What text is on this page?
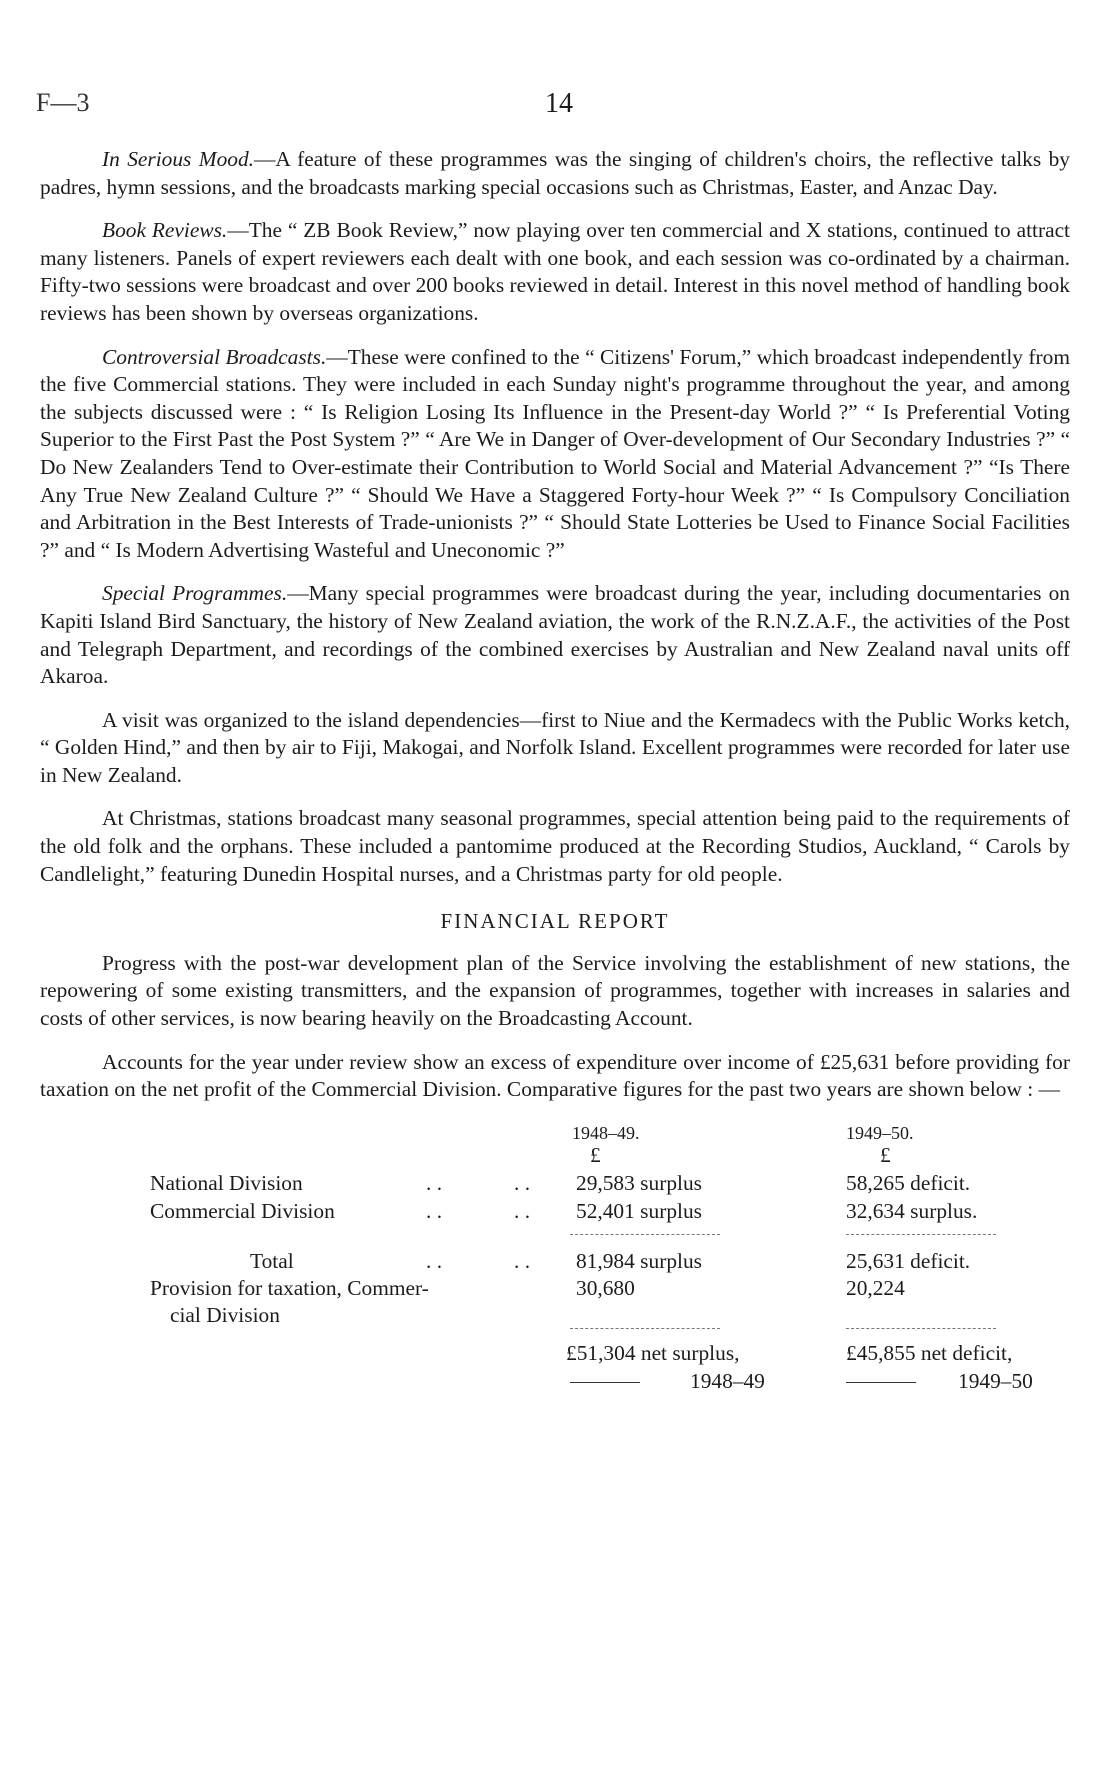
F—3	14

In Serious Mood.—A feature of these programmes was the singing of children's choirs, the reflective talks by padres, hymn sessions, and the broadcasts marking special occasions such as Christmas, Easter, and Anzac Day.

Book Reviews.—The “ ZB Book Review,” now playing over ten commercial and X stations, continued to attract many listeners. Panels of expert reviewers each dealt with one book, and each session was co-ordinated by a chairman. Fifty-two sessions were broadcast and over 200 books reviewed in detail. Interest in this novel method of handling book reviews has been shown by overseas organizations.

Controversial Broadcasts.—These were confined to the “ Citizens' Forum,” which broadcast independently from the five Commercial stations. They were included in each Sunday night's programme throughout the year, and among the subjects discussed were : “ Is Religion Losing Its Influence in the Present-day World ?” “ Is Preferential Voting Superior to the First Past the Post System ?” “ Are We in Danger of Over-development of Our Secondary Industries ?” “ Do New Zealanders Tend to Over-estimate their Contribution to World Social and Material Advancement ?” “Is There Any True New Zealand Culture ?” “ Should We Have a Staggered Forty-hour Week ?” “ Is Compulsory Conciliation and Arbitration in the Best Interests of Trade-unionists ?” “ Should State Lotteries be Used to Finance Social Facilities ?” and “ Is Modern Advertising Wasteful and Uneconomic ?”

Special Programmes.—Many special programmes were broadcast during the year, including documentaries on Kapiti Island Bird Sanctuary, the history of New Zealand aviation, the work of the R.N.Z.A.F., the activities of the Post and Telegraph Department, and recordings of the combined exercises by Australian and New Zealand naval units off Akaroa.

A visit was organized to the island dependencies—first to Niue and the Kermadecs with the Public Works ketch, “ Golden Hind,” and then by air to Fiji, Makogai, and Norfolk Island. Excellent programmes were recorded for later use in New Zealand.

At Christmas, stations broadcast many seasonal programmes, special attention being paid to the requirements of the old folk and the orphans. These included a pantomime produced at the Recording Studios, Auckland, “ Carols by Candlelight,” featuring Dunedin Hospital nurses, and a Christmas party for old people.

FINANCIAL REPORT

Progress with the post-war development plan of the Service involving the establishment of new stations, the repowering of some existing transmitters, and the expansion of programmes, together with increases in salaries and costs of other services, is now bearing heavily on the Broadcasting Account.

Accounts for the year under review show an excess of expenditure over income of £25,631 before providing for taxation on the net profit of the Commercial Division. Comparative figures for the past two years are shown below : —

1948–49.	1949–50.
£	£
National Division	. .	. . 29,583 surplus	58,265 deficit.
Commercial Division	. .	. . 52,401 surplus	32,634 surplus.
Total	. .	. . 81,984 surplus	25,631 deficit.
Provision for taxation, Commer-
cial Division
30,680	20,224
£51,304 net surplus,	£45,855 net deficit,
1948–49	1949–50
